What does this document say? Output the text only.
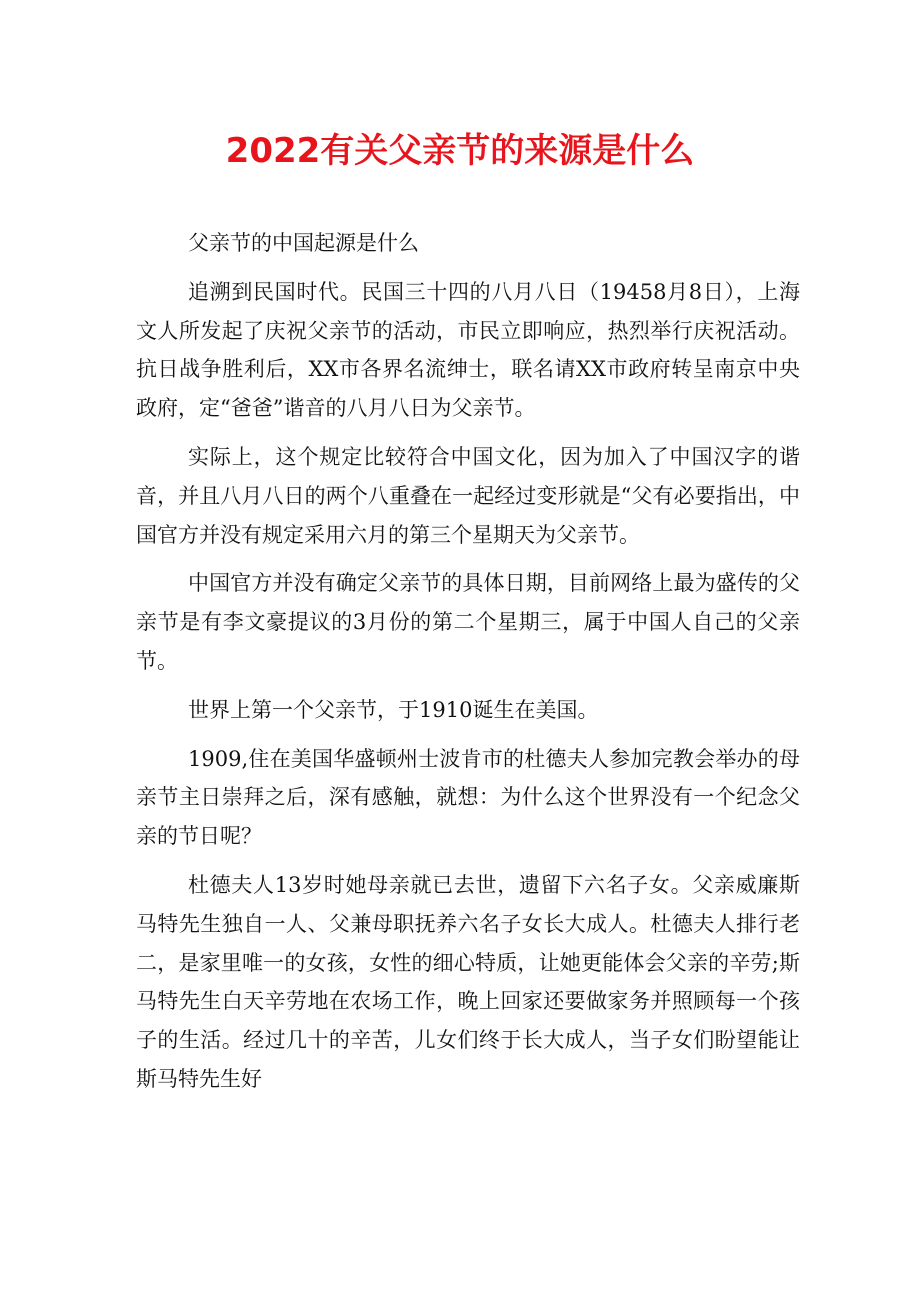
2022有关父亲节的来源是什么

父亲节的中国起源是什么

追溯到民国时代。民国三十四的八月八日（19458月8日），上海文人所发起了庆祝父亲节的活动，市民立即响应，热烈举行庆祝活动。抗日战争胜利后，XX市各界名流绅士，联名请XX市政府转呈南京中央政府，定“爸爸”谐音的八月八日为父亲节。

实际上，这个规定比较符合中国文化，因为加入了中国汉字的谐音，并且八月八日的两个八重叠在一起经过变形就是“父有必要指出，中国官方并没有规定采用六月的第三个星期天为父亲节。

中国官方并没有确定父亲节的具体日期，目前网络上最为盛传的父亲节是有李文豪提议的3月份的第二个星期三，属于中国人自己的父亲节。

世界上第一个父亲节，于1910诞生在美国。

1909,住在美国华盛顿州士波肯市的杜德夫人参加完教会举办的母亲节主日崇拜之后，深有感触，就想：为什么这个世界没有一个纪念父亲的节日呢？

杜德夫人13岁时她母亲就已去世，遗留下六名子女。父亲威廉斯马特先生独自一人、父兼母职抚养六名子女长大成人。杜德夫人排行老二，是家里唯一的女孩，女性的细心特质，让她更能体会父亲的辛劳;斯马特先生白天辛劳地在农场工作，晚上回家还要做家务并照顾每一个孩子的生活。经过几十的辛苦，儿女们终于长大成人，当子女们盼望能让斯马特先生好
